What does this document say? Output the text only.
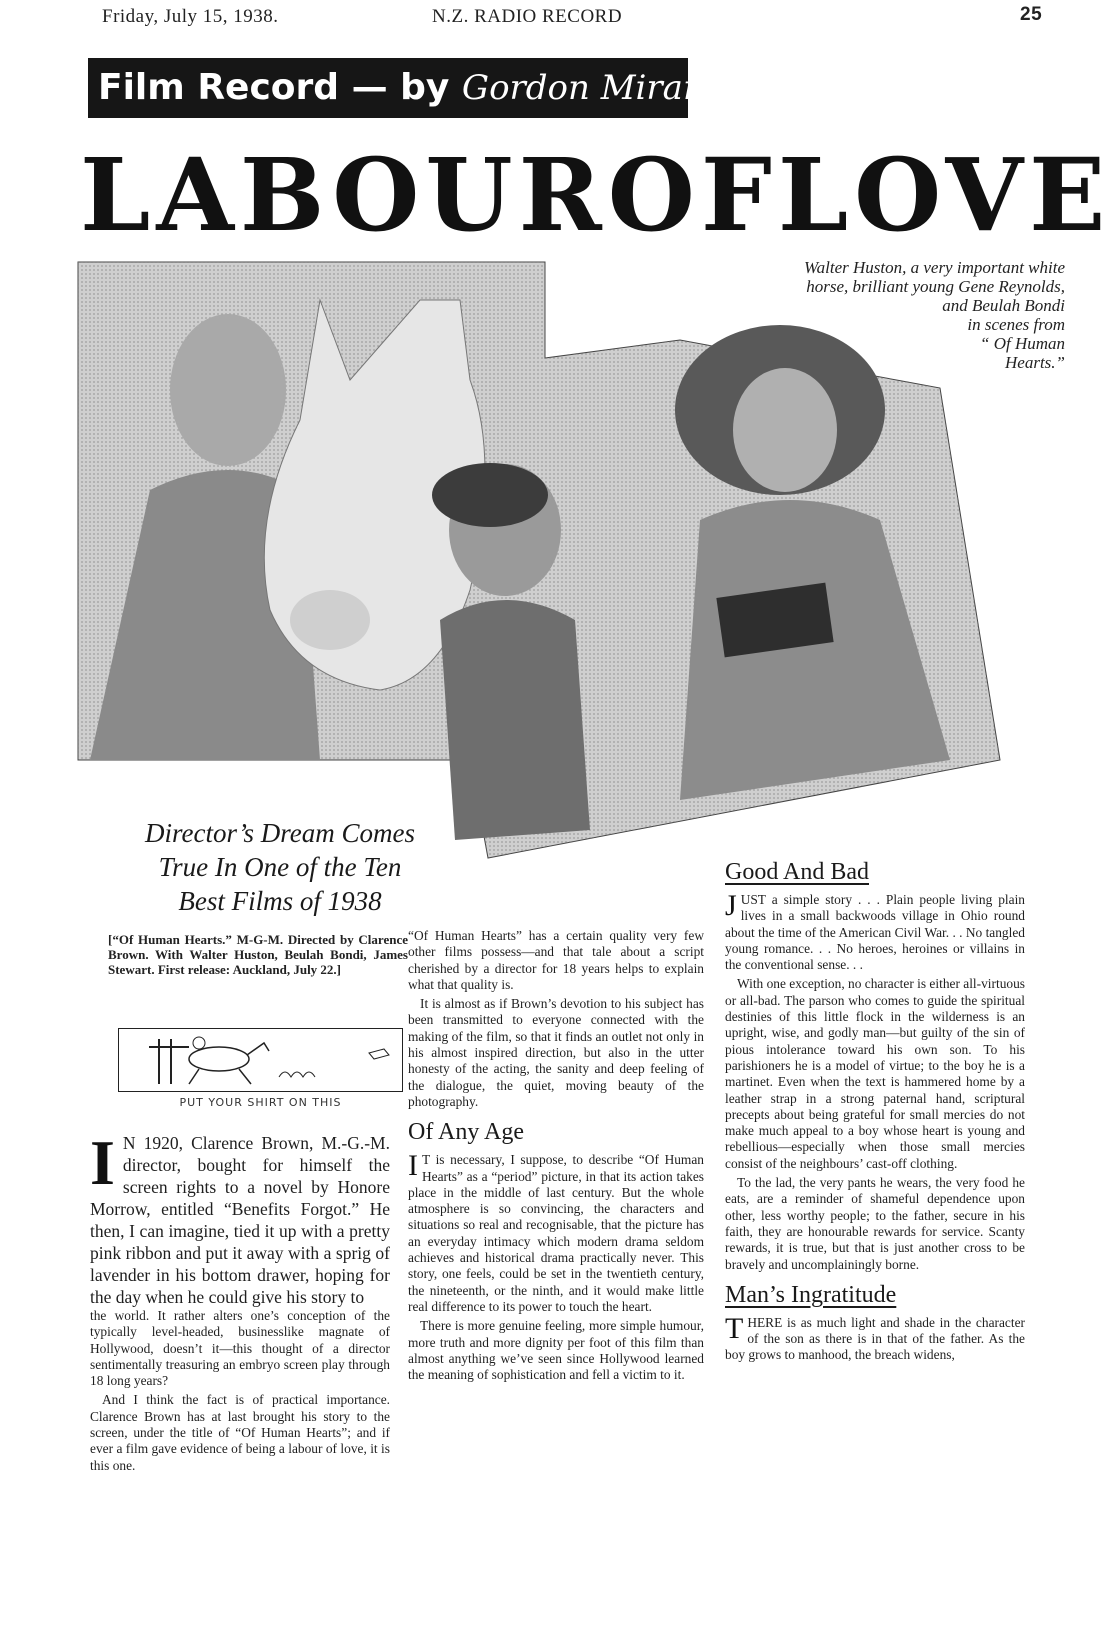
Friday, July 15, 1938.	N.Z. RADIO RECORD	25
Film Record — by Gordon Mirams
LABOUR OF LOVE
Walter Huston, a very important white
horse, brilliant young Gene Reynolds,
and Beulah Bondi
in scenes from
“ Of Human
Hearts.”
Director’s Dream Comes
True In One of the Ten
Best Films of 1938
[“Of Human Hearts.” M-G-M. Directed by Clarence Brown. With Walter Huston, Beulah Bondi, James Stewart. First release: Auckland, July 22.]
PUT YOUR SHIRT ON THIS
I N 1920, Clarence Brown, M.-G.-M. director, bought for himself the screen rights to a novel by Honore Morrow, entitled “Benefits Forgot.” He then, I can imagine, tied it up with a pretty pink ribbon and put it away with a sprig of lavender in his bottom drawer, hoping for the day when he could give his story to

the world. It rather alters one’s conception of the typically level-headed, businesslike magnate of Hollywood, doesn’t it—this thought of a director sentimentally treasuring an embryo screen play through 18 long years?

And I think the fact is of practical importance. Clarence Brown has at last brought his story to the screen, under the title of “Of Human Hearts”; and if ever a film gave evidence of being a labour of love, it is this one.

“Of Human Hearts” has a certain quality very few other films possess—and that tale about a script cherished by a director for 18 years helps to explain what that quality is.

It is almost as if Brown’s devotion to his subject has been transmitted to everyone connected with the making of the film, so that it finds an outlet not only in his almost inspired direction, but also in the utter honesty of the acting, the sanity and deep feeling of the dialogue, the quiet, moving beauty of the photography.

Of Any Age

I T is necessary, I suppose, to describe “Of Human Hearts” as a “period” picture, in that its action takes place in the middle of last century. But the whole atmosphere is so convincing, the characters and situations so real and recognisable, that the picture has an everyday intimacy which modern drama seldom achieves and historical drama practically never. This story, one feels, could be set in the twentieth century, the nineteenth, or the ninth, and it would make little real difference to its power to touch the heart.

There is more genuine feeling, more simple humour, more truth and more dignity per foot of this film than almost anything we’ve seen since Hollywood learned the meaning of sophistication and fell a victim to it.

Good And Bad

J UST a simple story . . . Plain people living plain lives in a small backwoods village in Ohio round about the time of the American Civil War. . . No tangled young romance. . . No heroes, heroines or villains in the conventional sense. . .

With one exception, no character is either all-virtuous or all-bad. The parson who comes to guide the spiritual destinies of this little flock in the wilderness is an upright, wise, and godly man—but guilty of the sin of pious intolerance toward his own son. To his parishioners he is a model of virtue; to the boy he is a martinet. Even when the text is hammered home by a leather strap in a strong paternal hand, scriptural precepts about being grateful for small mercies do not make much appeal to a boy whose heart is young and rebellious—especially when those small mercies consist of the neighbours’ cast-off clothing.

To the lad, the very pants he wears, the very food he eats, are a reminder of shameful dependence upon other, less worthy people; to the father, secure in his faith, they are honourable rewards for service. Scanty rewards, it is true, but that is just another cross to be bravely and uncomplainingly borne.

Man’s Ingratitude

T HERE is as much light and shade in the character of the son as there is in that of the father. As the boy grows to manhood, the breach widens,
